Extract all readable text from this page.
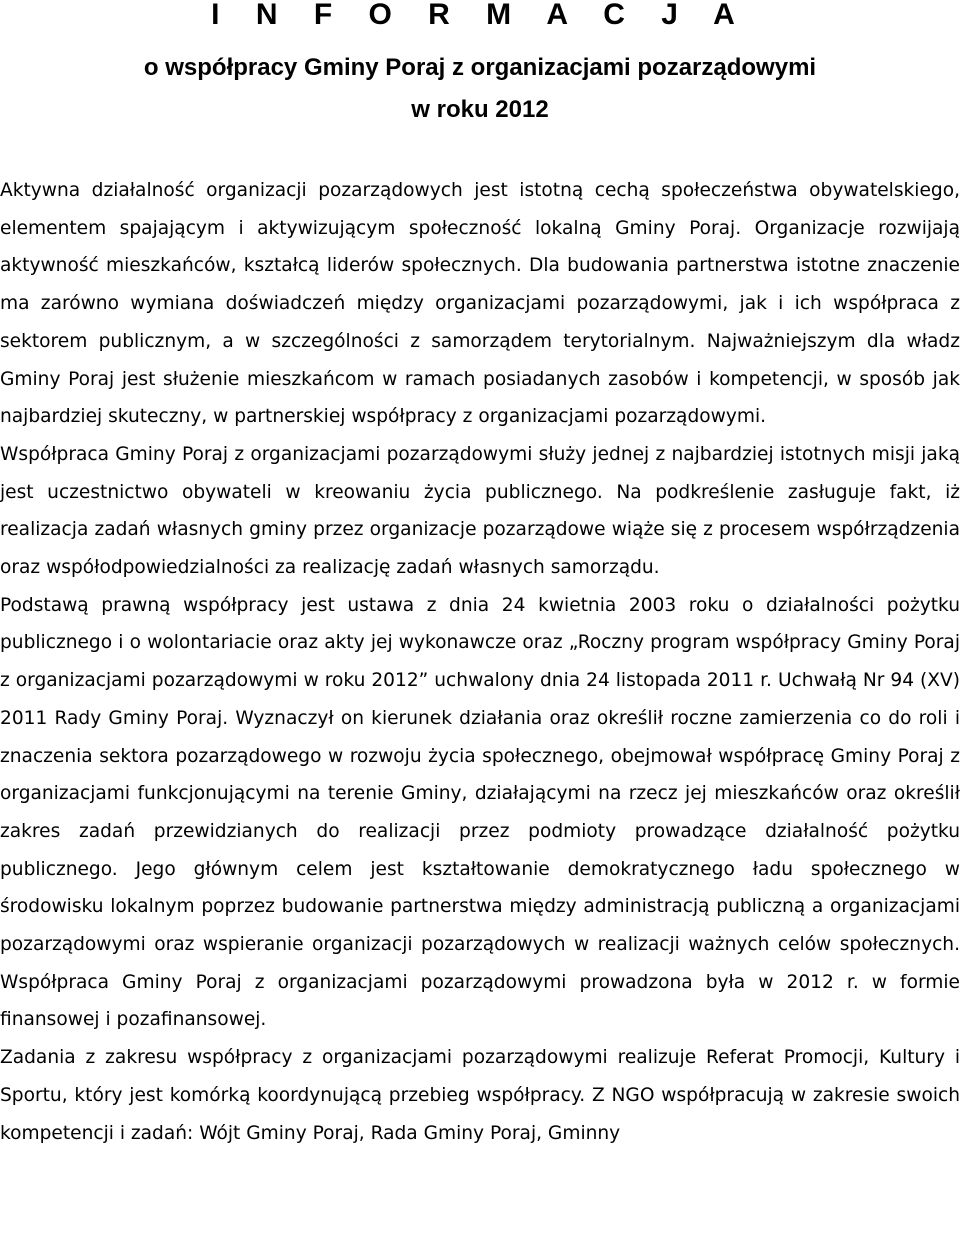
I N F O R M A C J A
o współpracy Gminy Poraj z organizacjami pozarządowymi
w roku 2012

Aktywna działalność organizacji pozarządowych jest istotną cechą społeczeństwa obywatelskiego, elementem spajającym i aktywizującym społeczność lokalną Gminy Poraj. Organizacje rozwijają aktywność mieszkańców, kształcą liderów społecznych. Dla budowania partnerstwa istotne znaczenie ma zarówno wymiana doświadczeń między organizacjami pozarządowymi, jak i ich współpraca z sektorem publicznym, a w szczególności z samorządem terytorialnym. Najważniejszym dla władz Gminy Poraj jest służenie mieszkańcom w ramach posiadanych zasobów i kompetencji, w sposób jak najbardziej skuteczny, w partnerskiej współpracy z organizacjami pozarządowymi.

Współpraca Gminy Poraj z organizacjami pozarządowymi służy jednej z najbardziej istotnych misji jaką jest uczestnictwo obywateli w kreowaniu życia publicznego. Na podkreślenie zasługuje fakt, iż realizacja zadań własnych gminy przez organizacje pozarządowe wiąże się z procesem współrządzenia oraz współodpowiedzialności za realizację zadań własnych samorządu.

Podstawą prawną współpracy jest ustawa z dnia 24 kwietnia 2003 roku o działalności pożytku publicznego i o wolontariacie oraz akty jej wykonawcze oraz „Roczny program współpracy Gminy Poraj z organizacjami pozarządowymi w roku 2012” uchwalony dnia 24 listopada 2011 r. Uchwałą Nr 94 (XV) 2011 Rady Gminy Poraj. Wyznaczył on kierunek działania oraz określił roczne zamierzenia co do roli i znaczenia sektora pozarządowego w rozwoju życia społecznego, obejmował współpracę Gminy Poraj z organizacjami funkcjonującymi na terenie Gminy, działającymi na rzecz jej mieszkańców oraz określił zakres zadań przewidzianych do realizacji przez podmioty prowadzące działalność pożytku publicznego. Jego głównym celem jest kształtowanie demokratycznego ładu społecznego w środowisku lokalnym poprzez budowanie partnerstwa między administracją publiczną a organizacjami pozarządowymi oraz wspieranie organizacji pozarządowych w realizacji ważnych celów społecznych. Współpraca Gminy Poraj z organizacjami pozarządowymi prowadzona była w 2012 r. w formie finansowej i pozafinansowej.

Zadania z zakresu współpracy z organizacjami pozarządowymi realizuje Referat Promocji, Kultury i Sportu, który jest komórką koordynującą przebieg współpracy. Z NGO współpracują w zakresie swoich kompetencji i zadań: Wójt Gminy Poraj, Rada Gminy Poraj, Gminny
